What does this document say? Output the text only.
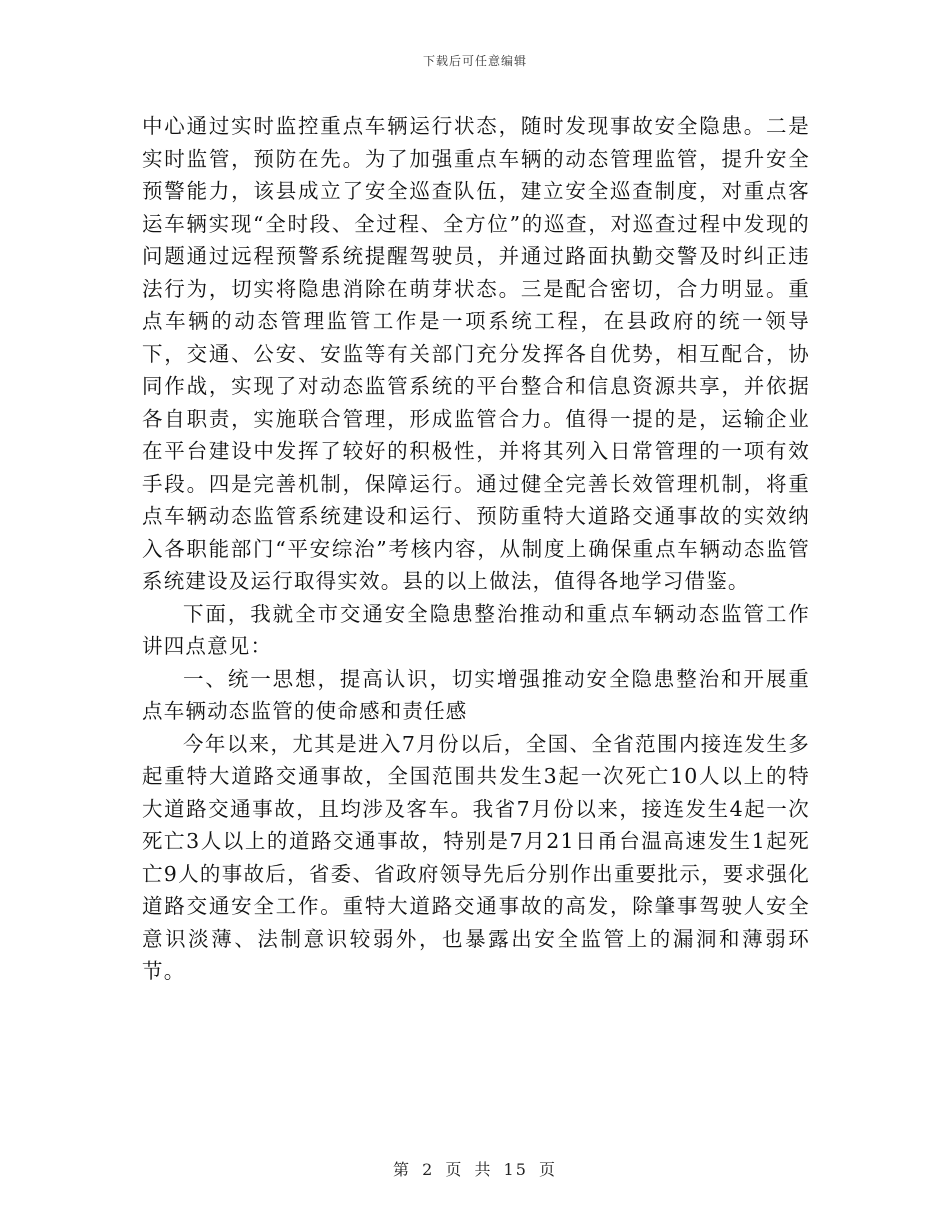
下载后可任意编辑

中心通过实时监控重点车辆运行状态，随时发现事故安全隐患。二是实时监管，预防在先。为了加强重点车辆的动态管理监管，提升安全预警能力，该县成立了安全巡查队伍，建立安全巡查制度，对重点客运车辆实现“全时段、全过程、全方位”的巡查，对巡查过程中发现的问题通过远程预警系统提醒驾驶员，并通过路面执勤交警及时纠正违法行为，切实将隐患消除在萌芽状态。三是配合密切，合力明显。重点车辆的动态管理监管工作是一项系统工程，在县政府的统一领导下，交通、公安、安监等有关部门充分发挥各自优势，相互配合，协同作战，实现了对动态监管系统的平台整合和信息资源共享，并依据各自职责，实施联合管理，形成监管合力。值得一提的是，运输企业在平台建设中发挥了较好的积极性，并将其列入日常管理的一项有效手段。四是完善机制，保障运行。通过健全完善长效管理机制，将重点车辆动态监管系统建设和运行、预防重特大道路交通事故的实效纳入各职能部门“平安综治”考核内容，从制度上确保重点车辆动态监管系统建设及运行取得实效。县的以上做法，值得各地学习借鉴。

下面，我就全市交通安全隐患整治推动和重点车辆动态监管工作讲四点意见：

一、统一思想，提高认识，切实增强推动安全隐患整治和开展重点车辆动态监管的使命感和责任感

今年以来，尤其是进入7月份以后，全国、全省范围内接连发生多起重特大道路交通事故，全国范围共发生3起一次死亡10人以上的特大道路交通事故，且均涉及客车。我省7月份以来，接连发生4起一次死亡3人以上的道路交通事故，特别是7月21日甬台温高速发生1起死亡9人的事故后，省委、省政府领导先后分别作出重要批示，要求强化道路交通安全工作。重特大道路交通事故的高发，除肇事驾驶人安全意识淡薄、法制意识较弱外，也暴露出安全监管上的漏洞和薄弱环节。

第 2 页 共 15 页
